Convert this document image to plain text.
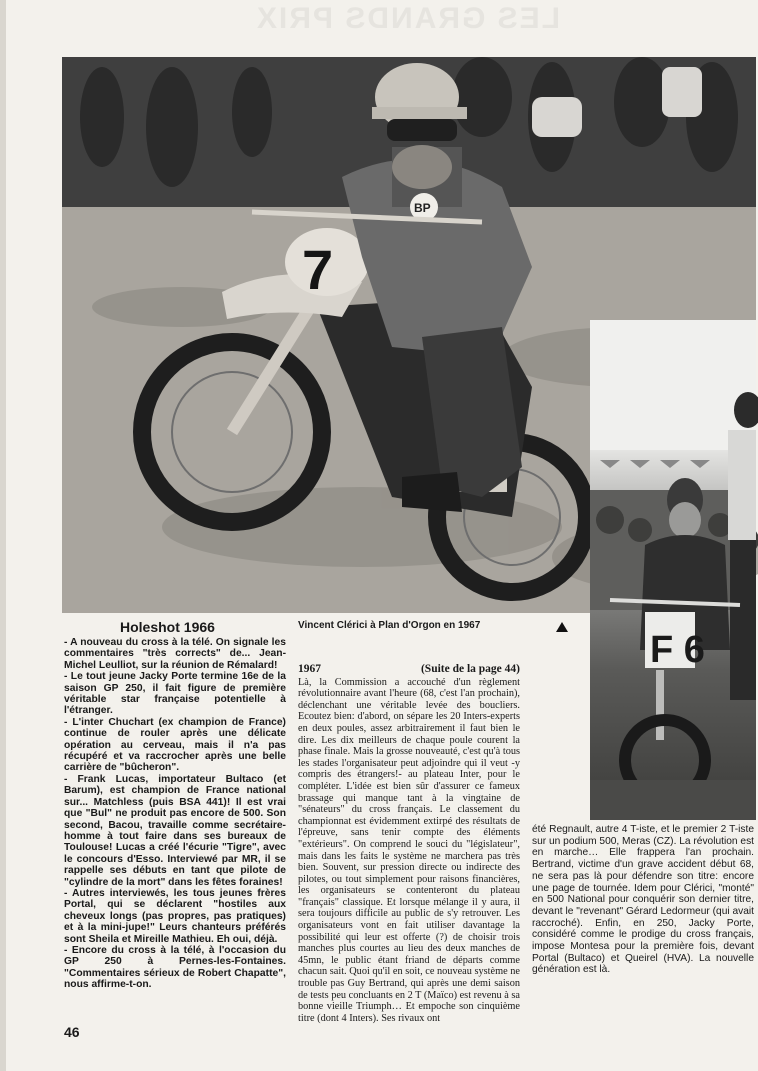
LES GRANDS PRIX
7
BP
F 6
Vincent Clérici à Plan d'Orgon en 1967
Holeshot 1966

- A nouveau du cross à la télé. On signale les commentaires "très corrects" de... Jean-Michel Leulliot, sur la réunion de Rémalard!

- Le tout jeune Jacky Porte termine 16e de la saison GP 250, il fait figure de première véritable star française potentielle à l'étranger.

- L'inter Chuchart (ex champion de France) continue de rouler après une délicate opération au cerveau, mais il n'a pas récupéré et va raccrocher après une belle carrière de "bûcheron".

- Frank Lucas, importateur Bultaco (et Barum), est champion de France national sur... Matchless (puis BSA 441)! Il est vrai que "Bul" ne produit pas encore de 500. Son second, Bacou, travaille comme secrétaire-homme à tout faire dans ses bureaux de Toulouse! Lucas a créé l'écurie "Tigre", avec le concours d'Esso. Interviewé par MR, il se rappelle ses débuts en tant que pilote de "cylindre de la mort" dans les fêtes foraines!

- Autres interviewés, les tous jeunes frères Portal, qui se déclarent "hostiles aux cheveux longs (pas propres, pas pratiques) et à la mini-jupe!" Leurs chanteurs préférés sont Sheila et Mireille Mathieu. Eh oui, déjà.

- Encore du cross à la télé, à l'occasion du GP 250 à Pernes-les-Fontaines. "Commentaires sérieux de Robert Chapatte", nous affirme-t-on.

1967	(Suite de la page 44)

Là, la Commission a accouché d'un règlement révolutionnaire avant l'heure (68, c'est l'an prochain), déclenchant une véritable levée des boucliers. Ecoutez bien: d'abord, on sépare les 20 Inters-experts en deux poules, assez arbitrairement il faut bien le dire. Les dix meilleurs de chaque poule courent la phase finale. Mais la grosse nouveauté, c'est qu'à tous les stades l'organisateur peut adjoindre qui il veut -y compris des étrangers!- au plateau Inter, pour le compléter. L'idée est bien sûr d'assurer ce fameux brassage qui manque tant à la vingtaine de "sénateurs" du cross français. Le classement du championnat est évidemment extirpé des résultats de l'épreuve, sans tenir compte des éléments "extérieurs". On comprend le souci du "législateur", mais dans les faits le système ne marchera pas très bien. Souvent, sur pression directe ou indirecte des pilotes, ou tout simplement pour raisons financières, les organisateurs se contenteront du plateau "français" classique. Et lorsque mélange il y aura, il sera toujours difficile au public de s'y retrouver. Les organisateurs vont en fait utiliser davantage la possibilité qui leur est offerte (?) de choisir trois manches plus courtes au lieu des deux manches de 45mn, le public étant friand de départs comme chacun sait. Quoi qu'il en soit, ce nouveau système ne trouble pas Guy Bertrand, qui après une demi saison de tests peu concluants en 2 T (Maïco) est revenu à sa bonne vieille Triumph… Et empoche son cinquième titre (dont 4 Inters). Ses rivaux ont

été Regnault, autre 4 T-iste, et le premier 2 T-iste sur un podium 500, Meras (CZ). La révolution est en marche… Elle frappera l'an prochain. Bertrand, victime d'un grave accident début 68, ne sera pas là pour défendre son titre: encore une page de tournée. Idem pour Clérici, "monté" en 500 National pour conquérir son dernier titre, devant le "revenant" Gérard Ledormeur (qui avait raccroché). Enfin, en 250, Jacky Porte, considéré comme le prodige du cross français, impose Montesa pour la première fois, devant Portal (Bultaco) et Queirel (HVA). La nouvelle génération est là.

46
